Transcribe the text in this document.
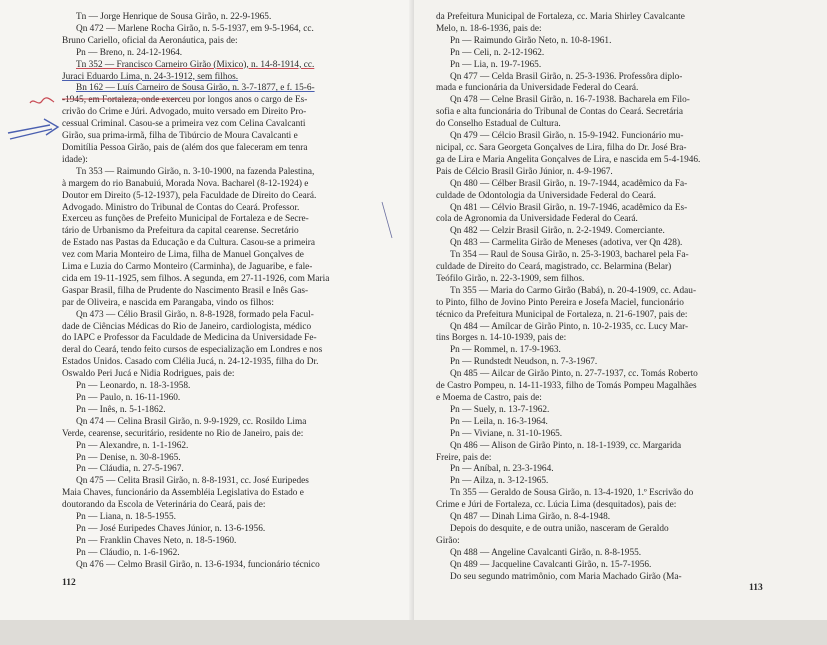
Tn — Jorge Henrique de Sousa Girão, n. 22-9-1965.
Qn 472 — Marlene Rocha Girão, n. 5-5-1937, em 9-5-1964, cc.
Bruno Cariello, oficial da Aeronáutica, pais de:
Pn — Breno, n. 24-12-1964.
Tn 352 — Francisco Carneiro Girão (Mixico), n. 14-8-1914, cc.
Juraci Eduardo Lima, n. 24-3-1912, sem filhos.
Bn 162 — Luís Carneiro de Sousa Girão, n. 3-7-1877, e f. 15-6-
-1945, em Fortaleza, onde exerceu por longos anos o cargo de Es-
crivão do Crime e Júri. Advogado, muito versado em Direito Pro-
cessual Criminal. Casou-se a primeira vez com Celina Cavalcanti
Girão, sua prima-irmã, filha de Tibúrcio de Moura Cavalcanti e
Domitília Pessoa Girão, pais de (além dos que faleceram em tenra
idade):
Tn 353 — Raimundo Girão, n. 3-10-1900, na fazenda Palestina,
à margem do rio Banabuiú, Morada Nova. Bacharel (8-12-1924) e
Doutor em Direito (5-12-1937), pela Faculdade de Direito do Ceará.
Advogado. Ministro do Tribunal de Contas do Ceará. Professor.
Exerceu as funções de Prefeito Municipal de Fortaleza e de Secre-
tário de Urbanismo da Prefeitura da capital cearense. Secretário
de Estado nas Pastas da Educação e da Cultura. Casou-se a primeira
vez com Maria Monteiro de Lima, filha de Manuel Gonçalves de
Lima e Luzia do Carmo Monteiro (Carminha), de Jaguaribe, e fale-
cida em 19-11-1925, sem filhos. A segunda, em 27-11-1926, com Maria
Gaspar Brasil, filha de Prudente do Nascimento Brasil e Inês Gas-
par de Oliveira, e nascida em Parangaba, vindo os filhos:
Qn 473 — Célio Brasil Girão, n. 8-8-1928, formado pela Facul-
dade de Ciências Médicas do Rio de Janeiro, cardiologista, médico
do IAPC e Professor da Faculdade de Medicina da Universidade Fe-
deral do Ceará, tendo feito cursos de especialização em Londres e nos
Estados Unidos. Casado com Clélia Jucá, n. 24-12-1935, filha do Dr.
Oswaldo Peri Jucá e Nidia Rodrigues, pais de:
Pn — Leonardo, n. 18-3-1958.
Pn — Paulo, n. 16-11-1960.
Pn — Inês, n. 5-1-1862.
Qn 474 — Celina Brasil Girão, n. 9-9-1929, cc. Rosildo Lima
Verde, cearense, securitário, residente no Rio de Janeiro, pais de:
Pn — Alexandre, n. 1-1-1962.
Pn — Denise, n. 30-8-1965.
Pn — Cláudia, n. 27-5-1967.
Qn 475 — Celita Brasil Girão, n. 8-8-1931, cc. José Euripedes
Maia Chaves, funcionário da Assembléia Legislativa do Estado e
doutorando da Escola de Veterinária do Ceará, pais de:
Pn — Liana, n. 18-5-1955.
Pn — José Euripedes Chaves Júnior, n. 13-6-1956.
Pn — Franklin Chaves Neto, n. 18-5-1960.
Pn — Cláudio, n. 1-6-1962.
Qn 476 — Celmo Brasil Girão, n. 13-6-1934, funcionário técnico
112
da Prefeitura Municipal de Fortaleza, cc. Maria Shirley Cavalcante
Melo, n. 18-6-1936, pais de:
Pn — Raimundo Girão Neto, n. 10-8-1961.
Pn — Celi, n. 2-12-1962.
Pn — Lia, n. 19-7-1965.
Qn 477 — Celda Brasil Girão, n. 25-3-1936. Professôra diplo-
mada e funcionária da Universidade Federal do Ceará.
Qn 478 — Celne Brasil Girão, n. 16-7-1938. Bacharela em Filo-
sofia e alta funcionária do Tribunal de Contas do Ceará. Secretária
do Conselho Estadual de Cultura.
Qn 479 — Célcio Brasil Girão, n. 15-9-1942. Funcionário mu-
nicipal, cc. Sara Georgeta Gonçalves de Lira, filha do Dr. José Bra-
ga de Lira e Maria Angelita Gonçalves de Lira, e nascida em 5-4-1946.
Pais de Célcio Brasil Girão Júnior, n. 4-9-1967.
Qn 480 — Célber Brasil Girão, n. 19-7-1944, acadêmico da Fa-
culdade de Odontologia da Universidade Federal do Ceará.
Qn 481 — Célvio Brasil Girão, n. 19-7-1946, acadêmico da Es-
cola de Agronomia da Universidade Federal do Ceará.
Qn 482 — Celzir Brasil Girão, n. 2-2-1949. Comerciante.
Qn 483 — Carmelita Girão de Meneses (adotiva, ver Qn 428).
Tn 354 — Raul de Sousa Girão, n. 25-3-1903, bacharel pela Fa-
culdade de Direito do Ceará, magistrado, cc. Belarmina (Belar)
Teófilo Girão, n. 22-3-1909, sem filhos.
Tn 355 — Maria do Carmo Girão (Babá), n. 20-4-1909, cc. Adau-
to Pinto, filho de Jovino Pinto Pereira e Josefa Maciel, funcionário
técnico da Prefeitura Municipal de Fortaleza, n. 21-6-1907, pais de:
Qn 484 — Amílcar de Girão Pinto, n. 10-2-1935, cc. Lucy Mar-
tins Borges n. 14-10-1939, pais de:
Pn — Rommel, n. 17-9-1963.
Pn — Rundstedt Neudson, n. 7-3-1967.
Qn 485 — Ailcar de Girão Pinto, n. 27-7-1937, cc. Tomás Roberto
de Castro Pompeu, n. 14-11-1933, filho de Tomás Pompeu Magalhães
e Moema de Castro, pais de:
Pn — Suely, n. 13-7-1962.
Pn — Leila, n. 16-3-1964.
Pn — Viviane, n. 31-10-1965.
Qn 486 — Alison de Girão Pinto, n. 18-1-1939, cc. Margarida
Freire, pais de:
Pn — Aníbal, n. 23-3-1964.
Pn — Ailza, n. 3-12-1965.
Tn 355 — Geraldo de Sousa Girão, n. 13-4-1920, 1.º Escrivão do
Crime e Júri de Fortaleza, cc. Lúcia Lima (desquitados), pais de:
Qn 487 — Dinah Lima Girão, n. 8-4-1948.
Depois do desquite, e de outra união, nasceram de Geraldo
Girão:
Qn 488 — Angeline Cavalcanti Girão, n. 8-8-1955.
Qn 489 — Jacqueline Cavalcanti Girão, n. 15-7-1956.
Do seu segundo matrimônio, com Maria Machado Girão (Ma-
113
